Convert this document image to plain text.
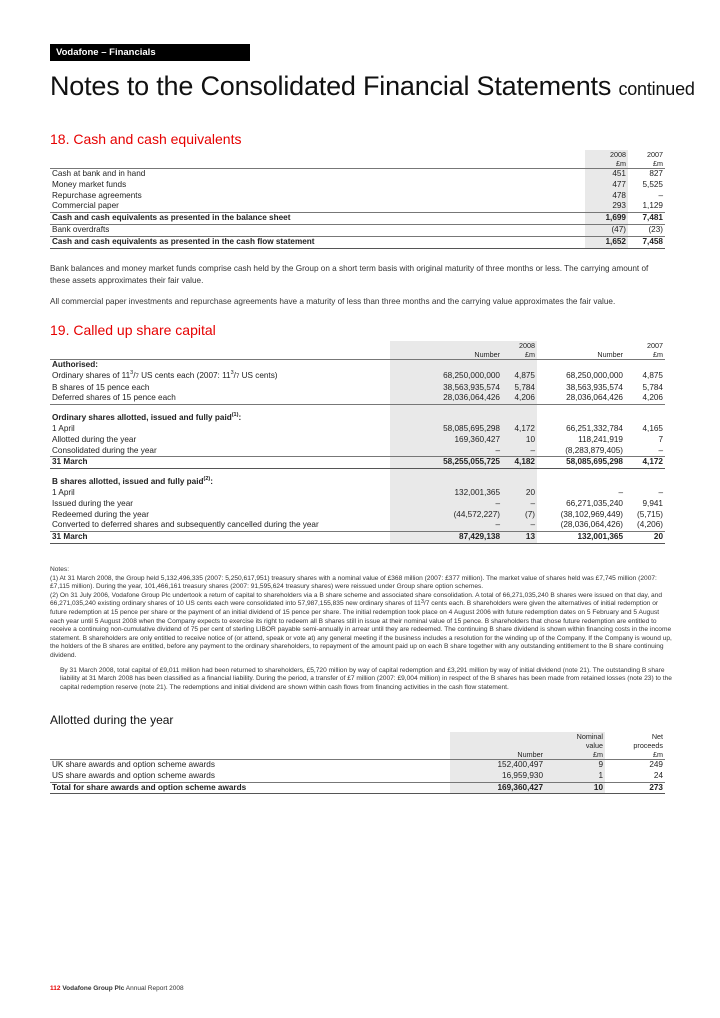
Vodafone – Financials
Notes to the Consolidated Financial Statements continued
18. Cash and cash equivalents
	2008	2007
	£m	£m
Cash at bank and in hand	451	827
Money market funds	477	5,525
Repurchase agreements	478	–
Commercial paper	293	1,129
Cash and cash equivalents as presented in the balance sheet	1,699	7,481
Bank overdrafts	(47)	(23)
Cash and cash equivalents as presented in the cash flow statement	1,652	7,458
Bank balances and money market funds comprise cash held by the Group on a short term basis with original maturity of three months or less. The carrying amount of these assets approximates their fair value.
All commercial paper investments and repurchase agreements have a maturity of less than three months and the carrying value approximates the fair value.
19. Called up share capital
		2008		2007
	Number	£m	Number	£m
Authorised:				
Ordinary shares of $11^3/7$ US cents each (2007: $11^3/7$ US cents)	68,250,000,000	4,875	68,250,000,000	4,875
B shares of 15 pence each	38,563,935,574	5,784	38,563,935,574	5,784
Deferred shares of 15 pence each	28,036,064,426	4,206	28,036,064,426	4,206

Ordinary shares allotted, issued and fully paid$^{(1)}$:				
1 April	58,085,695,298	4,172	66,251,332,784	4,165
Allotted during the year	169,360,427	10	118,241,919	7
Consolidated during the year	–	–	(8,283,879,405)	–
31 March	58,255,055,725	4,182	58,085,695,298	4,172

B shares allotted, issued and fully paid$^{(2)}$:				
1 April	132,001,365	20	–	–
Issued during the year	–	–	66,271,035,240	9,941
Redeemed during the year	(44,572,227)	(7)	(38,102,969,449)	(5,715)
Converted to deferred shares and subsequently cancelled during the year	–	–	(28,036,064,426)	(4,206)
31 March	87,429,138	13	132,001,365	20

Notes:

(1) At 31 March 2008, the Group held 5,132,496,335 (2007: 5,250,617,951) treasury shares with a nominal value of £368 million (2007: £377 million). The market value of shares held was £7,745 million (2007: £7,115 million). During the year, 101,466,161 treasury shares (2007: 91,595,624 treasury shares) were reissued under Group share option schemes.

(2) On 31 July 2006, Vodafone Group Plc undertook a return of capital to shareholders via a B share scheme and associated share consolidation. A total of 66,271,035,240 B shares were issued on that day, and 66,271,035,240 existing ordinary shares of 10 US cents each were consolidated into 57,987,155,835 new ordinary shares of $11^3/7$ cents each. B shareholders were given the alternatives of initial redemption or future redemption at 15 pence per share or the payment of an initial dividend of 15 pence per share. The initial redemption took place on 4 August 2006 with future redemption dates on 5 February and 5 August each year until 5 August 2008 when the Company expects to exercise its right to redeem all B shares still in issue at their nominal value of 15 pence. B shareholders that chose future redemption are entitled to receive a continuing non-cumulative dividend of 75 per cent of sterling LIBOR payable semi-annually in arrear until they are redeemed. The continuing B share dividend is shown within financing costs in the income statement. B shareholders are only entitled to receive notice of (or attend, speak or vote at) any general meeting if the business includes a resolution for the winding up of the Company. If the Company is wound up, the holders of the B shares are entitled, before any payment to the ordinary shareholders, to repayment of the amount paid up on each B share together with any outstanding entitlement to the B share continuing dividend.

By 31 March 2008, total capital of £9,011 million had been returned to shareholders, £5,720 million by way of capital redemption and £3,291 million by way of initial dividend (note 21). The outstanding B share liability at 31 March 2008 has been classified as a financial liability. During the period, a transfer of £7 million (2007: £9,004 million) in respect of the B shares has been made from retained losses (note 23) to the capital redemption reserve (note 21). The redemptions and initial dividend are shown within cash flows from financing activities in the cash flow statement.

Allotted during the year
		Nominal	Net
		value	proceeds
	Number	£m	£m
UK share awards and option scheme awards	152,400,497	9	249
US share awards and option scheme awards	16,959,930	1	24
Total for share awards and option scheme awards	169,360,427	10	273
112 Vodafone Group Plc Annual Report 2008
